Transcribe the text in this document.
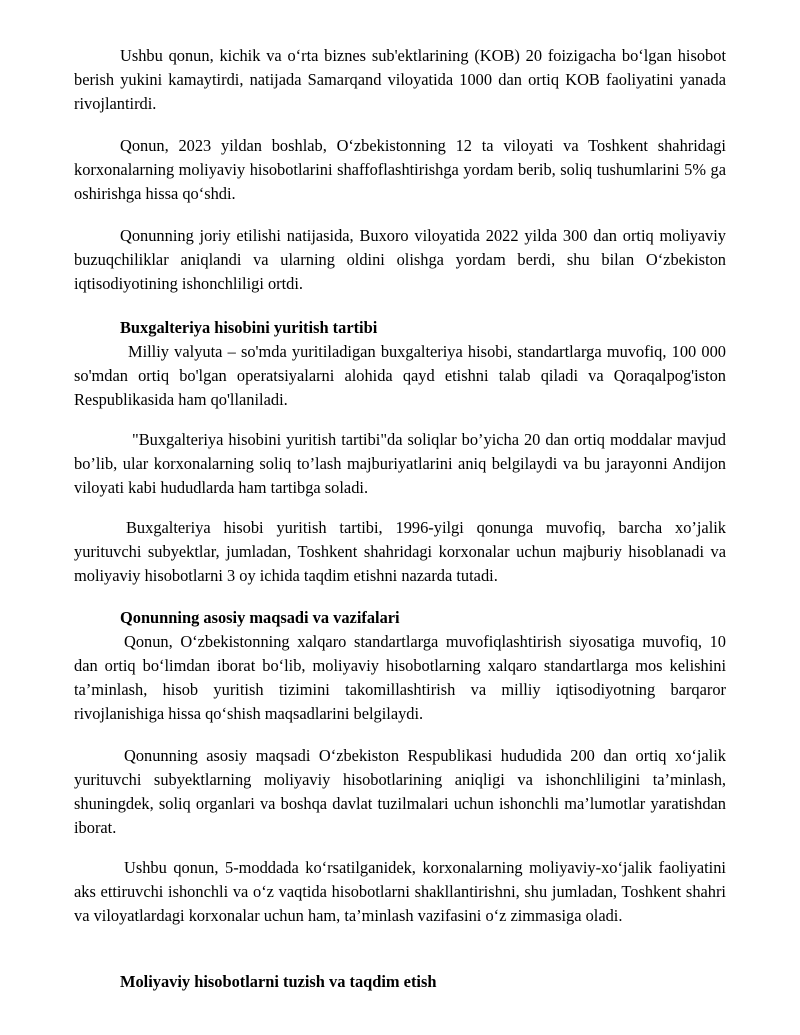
Ushbu qonun, kichik va o‘rta biznes sub'ektlarining (KOB) 20 foizigacha bo‘lgan hisobot berish yukini kamaytirdi, natijada Samarqand viloyatida 1000 dan ortiq KOB faoliyatini yanada rivojlantirdi.

Qonun, 2023 yildan boshlab, O‘zbekistonning 12 ta viloyati va Toshkent shahridagi korxonalarning moliyaviy hisobotlarini shaffoflashtirishga yordam berib, soliq tushumlarini 5% ga oshirishga hissa qo‘shdi.

Qonunning joriy etilishi natijasida, Buxoro viloyatida 2022 yilda 300 dan ortiq moliyaviy buzuqchiliklar aniqlandi va ularning oldini olishga yordam berdi, shu bilan O‘zbekiston iqtisodiyotining ishonchliligi ortdi.

Buxgalteriya hisobini yuritish tartibi

Milliy valyuta – so'mda yuritiladigan buxgalteriya hisobi, standartlarga muvofiq, 100 000 so'mdan ortiq bo'lgan operatsiyalarni alohida qayd etishni talab qiladi va Qoraqalpog'iston Respublikasida ham qo'llaniladi.

"Buxgalteriya hisobini yuritish tartibi"da soliqlar bo’yicha 20 dan ortiq moddalar mavjud bo’lib, ular korxonalarning soliq to’lash majburiyatlarini aniq belgilaydi va bu jarayonni Andijon viloyati kabi hududlarda ham tartibga soladi.

Buxgalteriya hisobi yuritish tartibi, 1996-yilgi qonunga muvofiq, barcha xo’jalik yurituvchi subyektlar, jumladan, Toshkent shahridagi korxonalar uchun majburiy hisoblanadi va moliyaviy hisobotlarni 3 oy ichida taqdim etishni nazarda tutadi.

Qonunning asosiy maqsadi va vazifalari

Qonun, O‘zbekistonning xalqaro standartlarga muvofiqlashtirish siyosatiga muvofiq, 10 dan ortiq bo‘limdan iborat bo‘lib, moliyaviy hisobotlarning xalqaro standartlarga mos kelishini ta’minlash, hisob yuritish tizimini takomillashtirish va milliy iqtisodiyotning barqaror rivojlanishiga hissa qo‘shish maqsadlarini belgilaydi.

Qonunning asosiy maqsadi O‘zbekiston Respublikasi hududida 200 dan ortiq xo‘jalik yurituvchi subyektlarning moliyaviy hisobotlarining aniqligi va ishonchliligini ta’minlash, shuningdek, soliq organlari va boshqa davlat tuzilmalari uchun ishonchli ma’lumotlar yaratishdan iborat.

Ushbu qonun, 5-moddada ko‘rsatilganidek, korxonalarning moliyaviy-xo‘jalik faoliyatini aks ettiruvchi ishonchli va o‘z vaqtida hisobotlarni shakllantirishni, shu jumladan, Toshkent shahri va viloyatlardagi korxonalar uchun ham, ta’minlash vazifasini o‘z zimmasiga oladi.

Moliyaviy hisobotlarni tuzish va taqdim etish
